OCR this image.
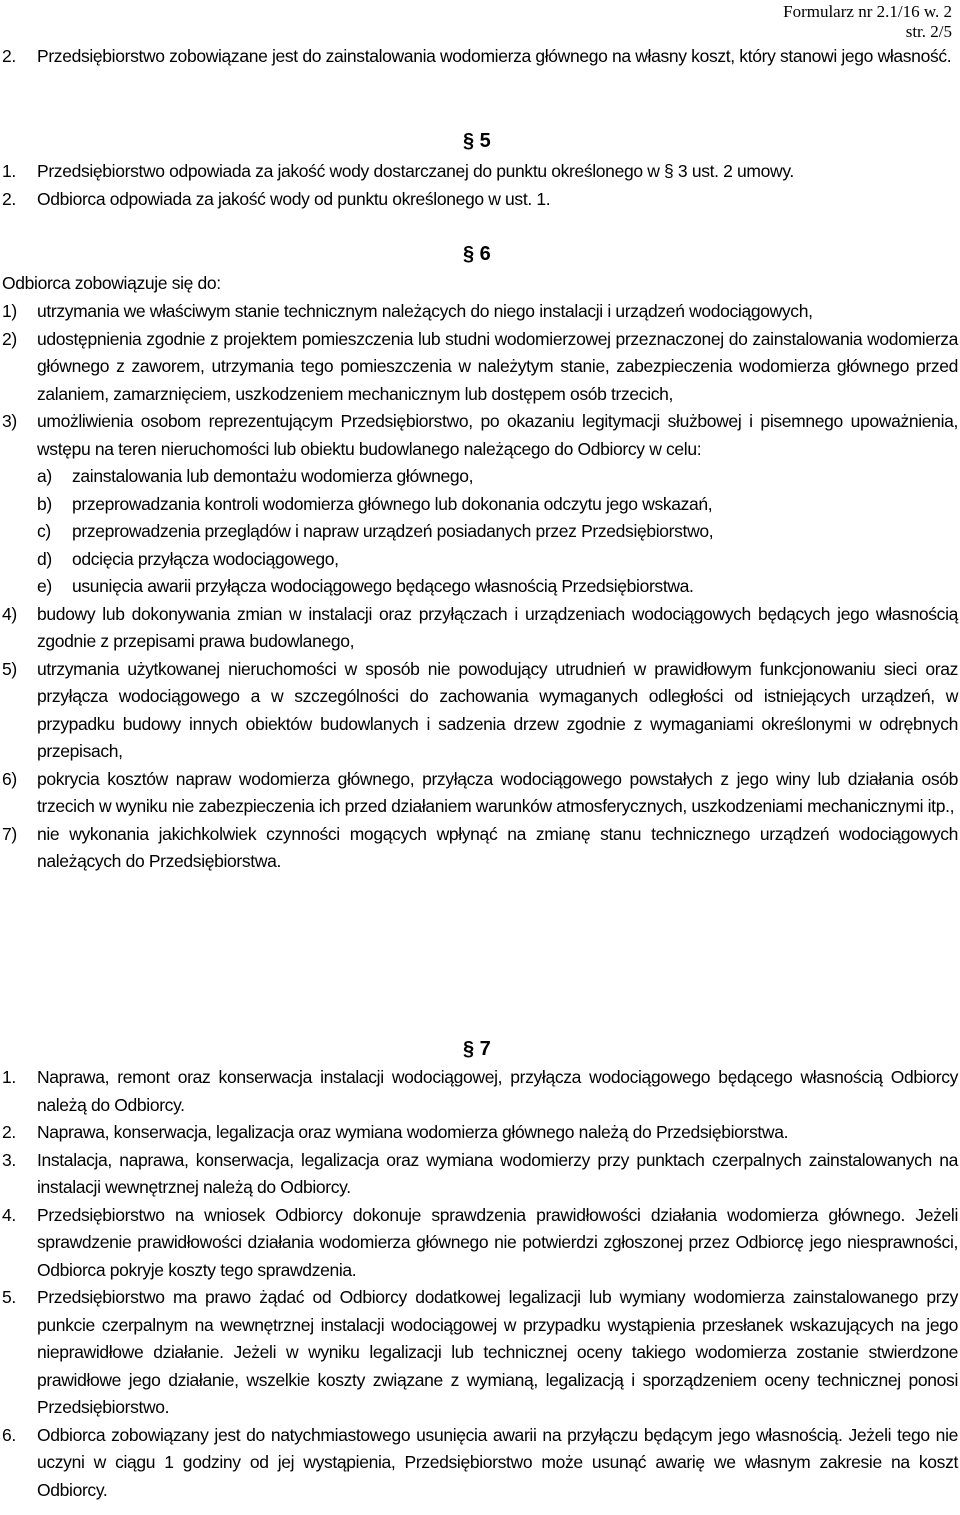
Formularz nr 2.1/16 w. 2
str. 2/5
2. Przedsiębiorstwo zobowiązane jest do zainstalowania wodomierza głównego na własny koszt, który stanowi jego własność.
§ 5
1. Przedsiębiorstwo odpowiada za jakość wody dostarczanej do punktu określonego w § 3 ust. 2 umowy.
2. Odbiorca odpowiada za jakość wody od punktu określonego w ust. 1.
§ 6
Odbiorca zobowiązuje się do:
1) utrzymania we właściwym stanie technicznym należących do niego instalacji i urządzeń wodociągowych,
2) udostępnienia zgodnie z projektem pomieszczenia lub studni wodomierzowej przeznaczonej do zainstalowania wodomierza głównego z zaworem, utrzymania tego pomieszczenia w należytym stanie, zabezpieczenia wodomierza głównego przed zalaniem, zamarznięciem, uszkodzeniem mechanicznym lub dostępem osób trzecich,
3) umożliwienia osobom reprezentującym Przedsiębiorstwo, po okazaniu legitymacji służbowej i pisemnego upoważnienia, wstępu na teren nieruchomości lub obiektu budowlanego należącego do Odbiorcy w celu:
a) zainstalowania lub demontażu wodomierza głównego,
b) przeprowadzania kontroli wodomierza głównego lub dokonania odczytu jego wskazań,
c) przeprowadzenia przeglądów i napraw urządzeń posiadanych przez Przedsiębiorstwo,
d) odcięcia przyłącza wodociągowego,
e) usunięcia awarii przyłącza wodociągowego będącego własnością Przedsiębiorstwa.
4) budowy lub dokonywania zmian w instalacji oraz przyłączach i urządzeniach wodociągowych będących jego własnością zgodnie z przepisami prawa budowlanego,
5) utrzymania użytkowanej nieruchomości w sposób nie powodujący utrudnień w prawidłowym funkcjonowaniu sieci oraz przyłącza wodociągowego a w szczególności do zachowania wymaganych odległości od istniejących urządzeń, w przypadku budowy innych obiektów budowlanych i sadzenia drzew zgodnie z wymaganiami określonymi w odrębnych przepisach,
6) pokrycia kosztów napraw wodomierza głównego, przyłącza wodociągowego powstałych z jego winy lub działania osób trzecich w wyniku nie zabezpieczenia ich przed działaniem warunków atmosferycznych, uszkodzeniami mechanicznymi itp.,
7) nie wykonania jakichkolwiek czynności mogących wpłynąć na zmianę stanu technicznego urządzeń wodociągowych należących do Przedsiębiorstwa.
§ 7
1. Naprawa, remont oraz konserwacja instalacji wodociągowej, przyłącza wodociągowego będącego własnością Odbiorcy należą do Odbiorcy.
2. Naprawa, konserwacja, legalizacja oraz wymiana wodomierza głównego należą do Przedsiębiorstwa.
3. Instalacja, naprawa, konserwacja, legalizacja oraz wymiana wodomierzy przy punktach czerpalnych zainstalowanych na instalacji wewnętrznej należą do Odbiorcy.
4. Przedsiębiorstwo na wniosek Odbiorcy dokonuje sprawdzenia prawidłowości działania wodomierza głównego. Jeżeli sprawdzenie prawidłowości działania wodomierza głównego nie potwierdzi zgłoszonej przez Odbiorcę jego niesprawności, Odbiorca pokryje koszty tego sprawdzenia.
5. Przedsiębiorstwo ma prawo żądać od Odbiorcy dodatkowej legalizacji lub wymiany wodomierza zainstalowanego przy punkcie czerpalnym na wewnętrznej instalacji wodociągowej w przypadku wystąpienia przesłanek wskazujących na jego nieprawidłowe działanie. Jeżeli w wyniku legalizacji lub technicznej oceny takiego wodomierza zostanie stwierdzone prawidłowe jego działanie, wszelkie koszty związane z wymianą, legalizacją i sporządzeniem oceny technicznej ponosi Przedsiębiorstwo.
6. Odbiorca zobowiązany jest do natychmiastowego usunięcia awarii na przyłączu będącym jego własnością. Jeżeli tego nie uczyni w ciągu 1 godziny od jej wystąpienia, Przedsiębiorstwo może usunąć awarię we własnym zakresie na koszt Odbiorcy.
